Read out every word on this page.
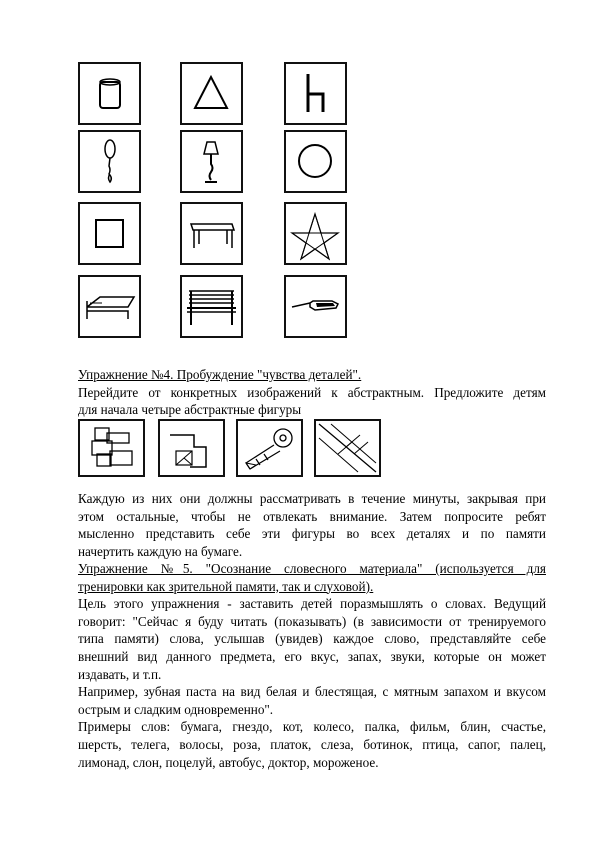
Упражнение №4. Пробуждение "чувства деталей".
Перейдите от конкретных изображений к абстрактным. Предложите детям
для начала четыре абстрактные фигуры
Каждую из них они должны рассматривать в течение минуты, закрывая при
этом остальные, чтобы не отвлекать внимание. Затем попросите ребят
мысленно представить себе эти фигуры во всех деталях и по памяти
начертить каждую на бумаге.
Упражнение №5. "Осознание словесного материала" (используется для
тренировки как зрительной памяти, так и слуховой).
Цель этого упражнения - заставить детей поразмышлять о словах. Ведущий
говорит: "Сейчас я буду читать (показывать) (в зависимости от тренируемого
типа памяти) слова, услышав (увидев) каждое слово, представляйте себе
внешний вид данного предмета, его вкус, запах, звуки, которые он может
издавать, и т.п.
Например, зубная паста на вид белая и блестящая, с мятным запахом и вкусом
острым и сладким одновременно".
Примеры слов: бумага, гнездо, кот, колесо, палка, фильм, блин, счастье,
шерсть, телега, волосы, роза, платок, слеза, ботинок, птица, сапог, палец,
лимонад, слон, поцелуй, автобус, доктор, мороженое.
